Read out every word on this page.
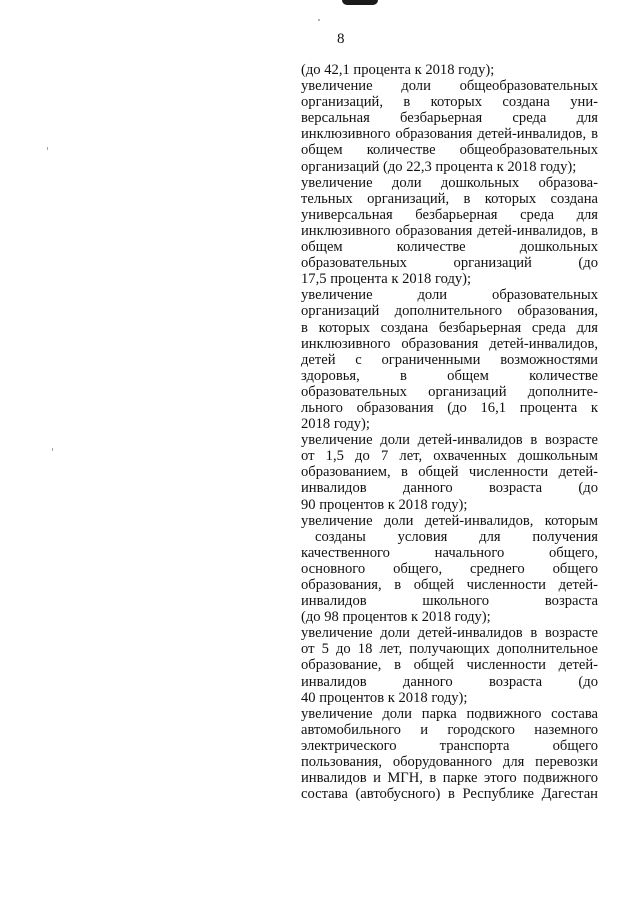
8
(до 42,1 процента к 2018 году);
увеличение доли общеобразовательных
организаций, в которых создана уни-
версальная безбарьерная среда для
инклюзивного образования детей-инвалидов, в
общем количестве общеобразовательных
организаций (до 22,3 процента к 2018 году);
увеличение доли дошкольных образова-
тельных организаций, в которых создана
универсальная безбарьерная среда для
инклюзивного образования детей-инвалидов, в
общем количестве дошкольных
образовательных организаций (до
17,5 процента к 2018 году);
увеличение доли образовательных
организаций дополнительного образования,
в которых создана безбарьерная среда для
инклюзивного образования детей-инвалидов,
детей с ограниченными возможностями
здоровья, в общем количестве
образовательных организаций дополните-
льного образования (до 16,1 процента к
2018 году);
увеличение доли детей-инвалидов в возрасте
от 1,5 до 7 лет, охваченных дошкольным
образованием, в общей численности детей-
инвалидов данного возраста (до
90 процентов к 2018 году);
увеличение доли детей-инвалидов, которым
созданы условия для получения
качественного начального общего,
основного общего, среднего общего
образования, в общей численности детей-
инвалидов школьного возраста
(до 98 процентов к 2018 году);
увеличение доли детей-инвалидов в возрасте
от 5 до 18 лет, получающих дополнительное
образование, в общей численности детей-
инвалидов данного возраста (до
40 процентов к 2018 году);
увеличение доли парка подвижного состава
автомобильного и городского наземного
электрического транспорта общего
пользования, оборудованного для перевозки
инвалидов и МГН, в парке этого подвижного
состава (автобусного) в Республике Дагестан
